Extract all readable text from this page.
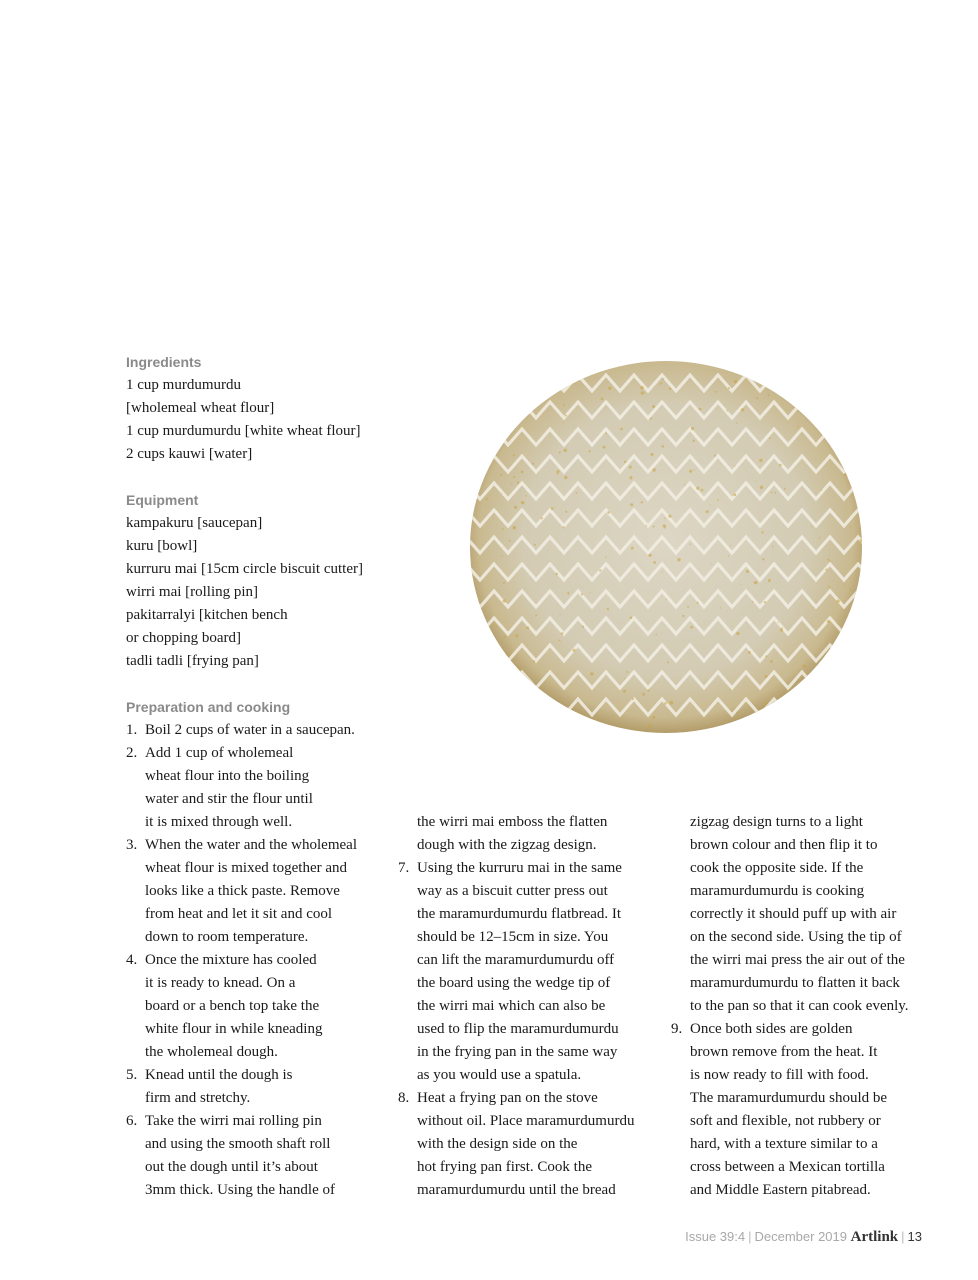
Ingredients
1 cup murdumurdu
[wholemeal wheat flour]
1 cup murdumurdu [white wheat flour]
2 cups kauwi [water]
Equipment
kampakuru [saucepan]
kuru [bowl]
kurruru mai [15cm circle biscuit cutter]
wirri mai [rolling pin]
pakitarralyi [kitchen bench
or chopping board]
tadli tadli [frying pan]
Preparation and cooking
1. Boil 2 cups of water in a saucepan.
2. Add 1 cup of wholemeal
wheat flour into the boiling
water and stir the flour until
it is mixed through well.
3. When the water and the wholemeal
wheat flour is mixed together and
looks like a thick paste. Remove
from heat and let it sit and cool
down to room temperature.
4. Once the mixture has cooled
it is ready to knead. On a
board or a bench top take the
white flour in while kneading
the wholemeal dough.
5. Knead until the dough is
firm and stretchy.
6. Take the wirri mai rolling pin
and using the smooth shaft roll
out the dough until it’s about
3mm thick. Using the handle of
the wirri mai emboss the flatten
dough with the zigzag design.
7. Using the kurruru mai in the same
way as a biscuit cutter press out
the maramurdumurdu flatbread. It
should be 12–15cm in size. You
can lift the maramurdumurdu off
the board using the wedge tip of
the wirri mai which can also be
used to flip the maramurdumurdu
in the frying pan in the same way
as you would use a spatula.
8. Heat a frying pan on the stove
without oil. Place maramurdumurdu
with the design side on the
hot frying pan first. Cook the
maramurdumurdu until the bread
zigzag design turns to a light
brown colour and then flip it to
cook the opposite side. If the
maramurdumurdu is cooking
correctly it should puff up with air
on the second side. Using the tip of
the wirri mai press the air out of the
maramurdumurdu to flatten it back
to the pan so that it can cook evenly.
9. Once both sides are golden
brown remove from the heat. It
is now ready to fill with food.
The maramurdumurdu should be
soft and flexible, not rubbery or
hard, with a texture similar to a
cross between a Mexican tortilla
and Middle Eastern pitabread.
Issue 39:4 | December 2019 Artlink | 13
